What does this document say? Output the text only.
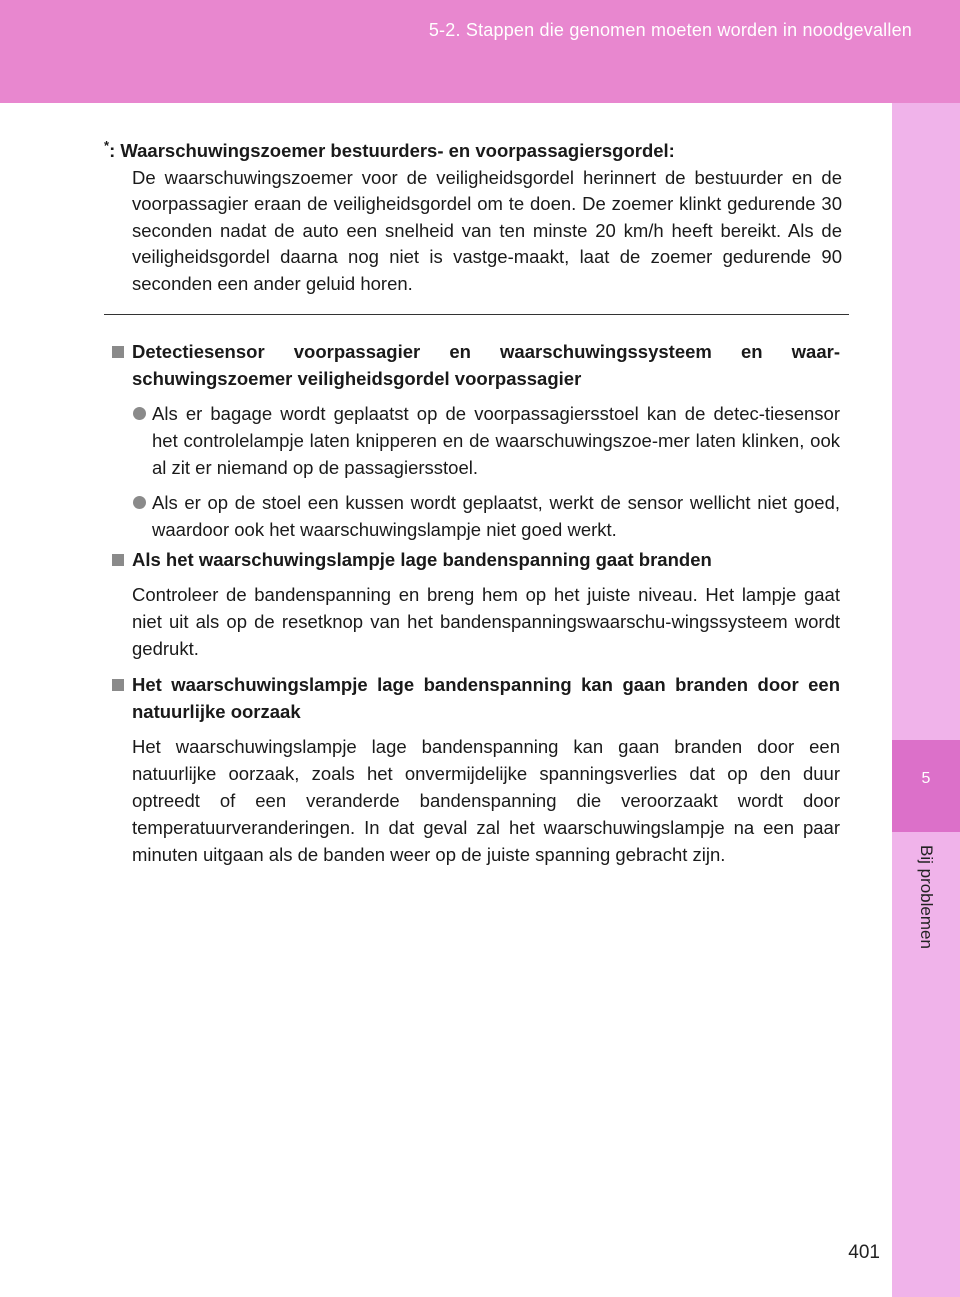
5-2. Stappen die genomen moeten worden in noodgevallen
5
Bij problemen
*: Waarschuwingszoemer bestuurders- en voorpassagiersgordel:
De waarschuwingszoemer voor de veiligheidsgordel herinnert de bestuurder en de voorpassagier eraan de veiligheidsgordel om te doen. De zoemer klinkt gedurende 30 seconden nadat de auto een snelheid van ten minste 20 km/h heeft bereikt. Als de veiligheidsgordel daarna nog niet is vastge-maakt, laat de zoemer gedurende 90 seconden een ander geluid horen.
Detectiesensor voorpassagier en waarschuwingssysteem en waar-schuwingszoemer veiligheidsgordel voorpassagier
Als er bagage wordt geplaatst op de voorpassagiersstoel kan de detec-tiesensor het controlelampje laten knipperen en de waarschuwingszoe-mer laten klinken, ook al zit er niemand op de passagiersstoel.
Als er op de stoel een kussen wordt geplaatst, werkt de sensor wellicht niet goed, waardoor ook het waarschuwingslampje niet goed werkt.
Als het waarschuwingslampje lage bandenspanning gaat branden
Controleer de bandenspanning en breng hem op het juiste niveau. Het lampje gaat niet uit als op de resetknop van het bandenspanningswaarschu-wingssysteem wordt gedrukt.
Het waarschuwingslampje lage bandenspanning kan gaan branden door een natuurlijke oorzaak
Het waarschuwingslampje lage bandenspanning kan gaan branden door een natuurlijke oorzaak, zoals het onvermijdelijke spanningsverlies dat op den duur optreedt of een veranderde bandenspanning die veroorzaakt wordt door temperatuurveranderingen. In dat geval zal het waarschuwingslampje na een paar minuten uitgaan als de banden weer op de juiste spanning gebracht zijn.
401
